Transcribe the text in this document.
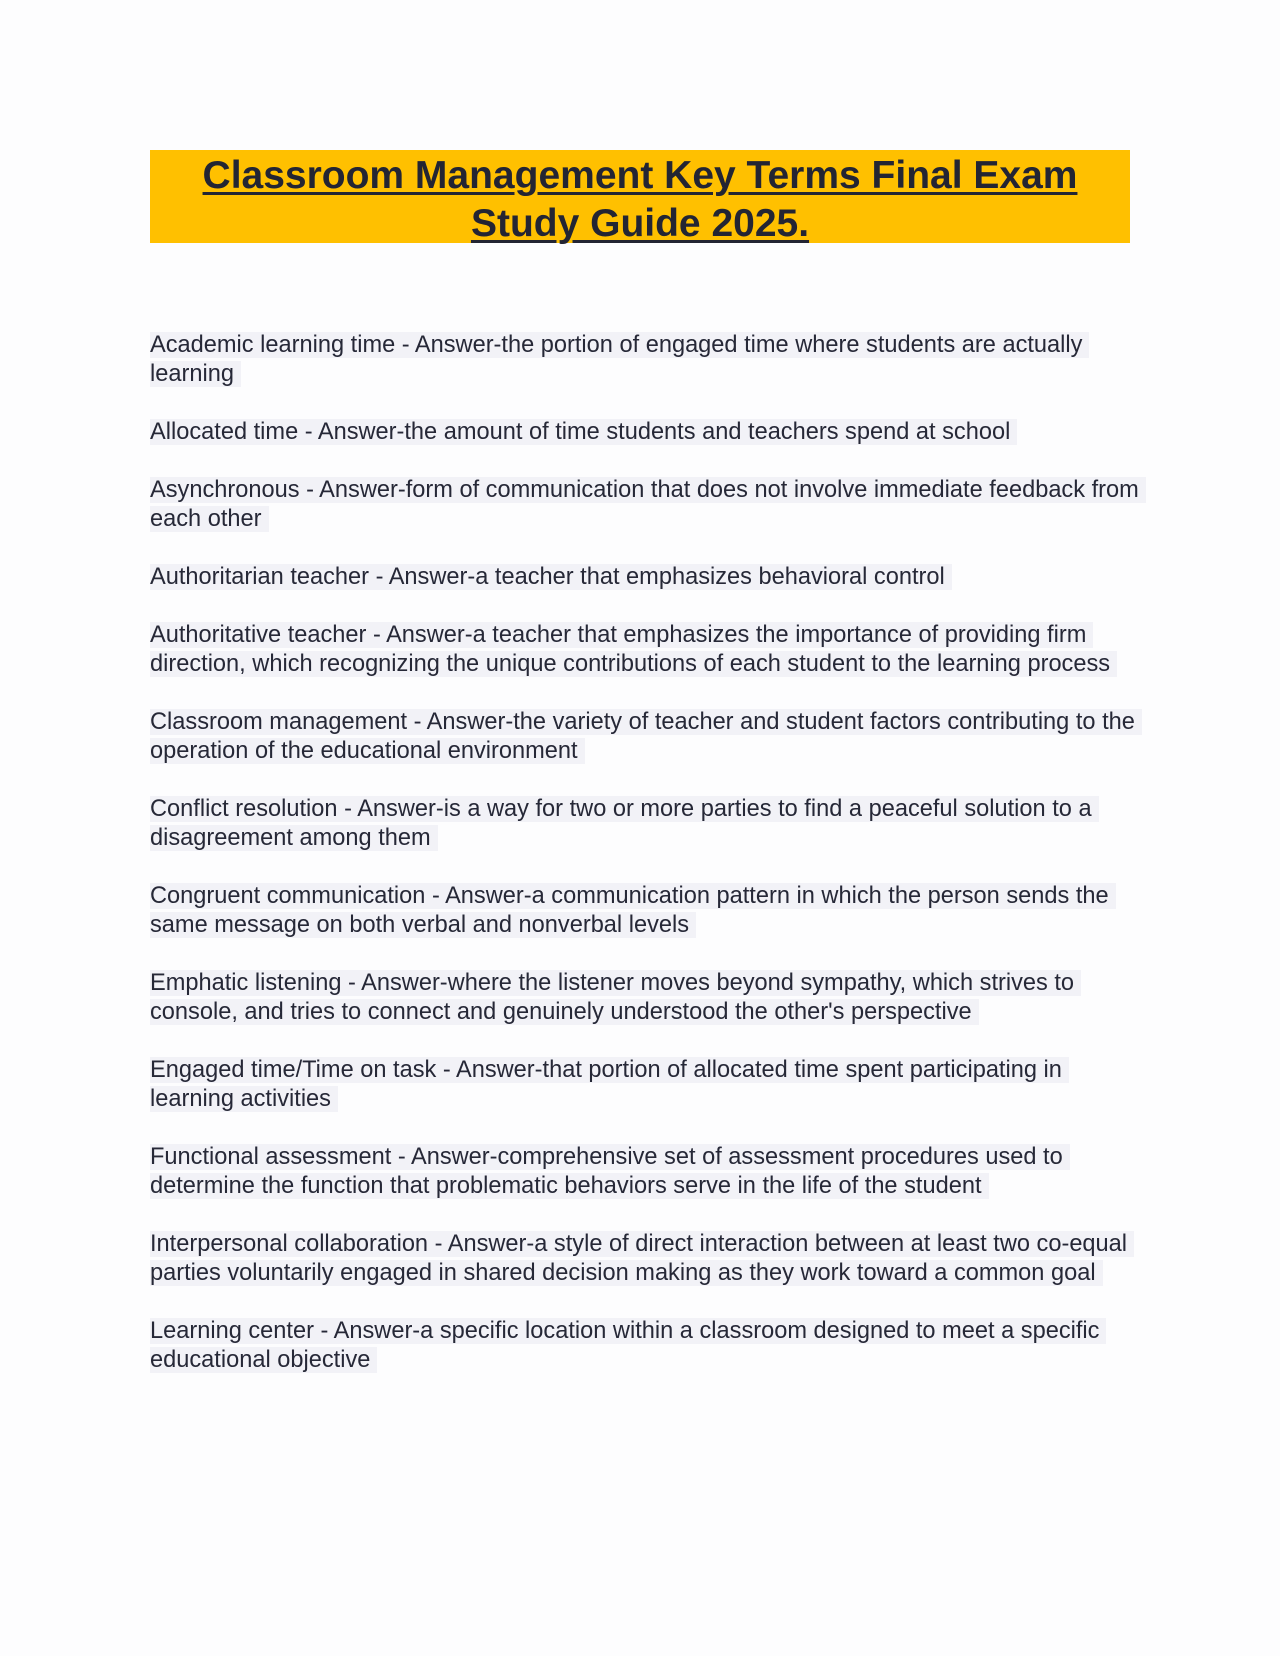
Classroom Management Key Terms Final Exam Study Guide 2025.

Academic learning time - Answer-the portion of engaged time where students are actually learning

Allocated time - Answer-the amount of time students and teachers spend at school

Asynchronous - Answer-form of communication that does not involve immediate feedback from each other

Authoritarian teacher - Answer-a teacher that emphasizes behavioral control

Authoritative teacher - Answer-a teacher that emphasizes the importance of providing firm direction, which recognizing the unique contributions of each student to the learning process

Classroom management - Answer-the variety of teacher and student factors contributing to the operation of the educational environment

Conflict resolution - Answer-is a way for two or more parties to find a peaceful solution to a disagreement among them

Congruent communication - Answer-a communication pattern in which the person sends the same message on both verbal and nonverbal levels

Emphatic listening - Answer-where the listener moves beyond sympathy, which strives to console, and tries to connect and genuinely understood the other's perspective

Engaged time/Time on task - Answer-that portion of allocated time spent participating in learning activities

Functional assessment - Answer-comprehensive set of assessment procedures used to determine the function that problematic behaviors serve in the life of the student

Interpersonal collaboration - Answer-a style of direct interaction between at least two co-equal parties voluntarily engaged in shared decision making as they work toward a common goal

Learning center - Answer-a specific location within a classroom designed to meet a specific educational objective
